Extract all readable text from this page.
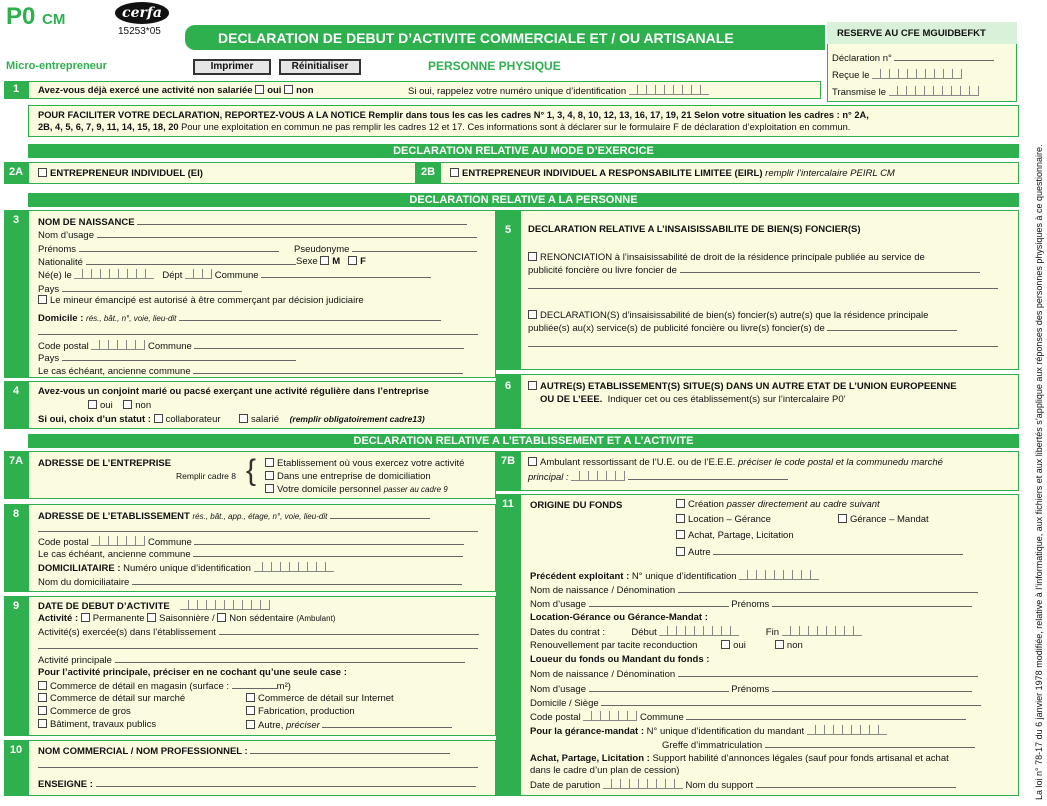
P0 CM	cerfa
15253*05
Micro-entrepreneur
DECLARATION DE DEBUT D’ACTIVITE COMMERCIALE ET / OU ARTISANALE
Imprimer	Réinitialiser	PERSONNE PHYSIQUE
RESERVE AU CFE MGUIDBEFKT
Déclaration n°
Reçue le
Transmise le
1	Avez-vous déjà exercé une activité non salariée oui non	Si oui, rappelez votre numéro unique d’identification
POUR FACILITER VOTRE DECLARATION, REPORTEZ-VOUS A LA NOTICE Remplir dans tous les cas les cadres N° 1, 3, 4, 8, 10, 12, 13, 16, 17, 19, 21 Selon votre situation les cadres : n° 2A,
2B, 4, 5, 6, 7, 9, 11, 14, 15, 18, 20 Pour une exploitation en commun ne pas remplir les cadres 12 et 17. Ces informations sont à déclarer sur le formulaire F de déclaration d’exploitation en commun.
DECLARATION RELATIVE AU MODE D’EXERCICE
2A	ENTREPRENEUR INDIVIDUEL (EI)	2B	ENTREPRENEUR INDIVIDUEL A RESPONSABILITE LIMITEE (EIRL) remplir l’intercalaire PEIRL CM
DECLARATION RELATIVE A LA PERSONNE
3	NOM DE NAISSANCE
Nom d’usage
Prénoms	Pseudonyme
Nationalité	Sexe M F
Né(e) le	Dépt	Commune
Pays
Le mineur émancipé est autorisé à être commerçant par décision judiciaire
Domicile : rés., bât., n°, voie, lieu-dit
Code postal	Commune
Pays
Le cas échéant, ancienne commune
4	Avez-vous un conjoint marié ou pacsé exerçant une activité régulière dans l’entreprise
oui non
Si oui, choix d’un statut : collaborateur	salarié (remplir obligatoirement cadre13)
5	DECLARATION RELATIVE A L’INSAISISSABILITE DE BIEN(S) FONCIER(S)
RENONCIATION à l’insaisissabilité de droit de la résidence principale publiée au service de
publicité foncière ou livre foncier de
DECLARATION(S) d’insaisissabilité de bien(s) foncier(s) autre(s) que la résidence principale
publiée(s) au(x) service(s) de publicité foncière ou livre(s) foncier(s) de
6	AUTRE(S) ETABLISSEMENT(S) SITUE(S) DANS UN AUTRE ETAT DE L’UNION EUROPEENNE
OU DE L’EEE. Indiquer cet ou ces établissement(s) sur l’intercalaire P0’
DECLARATION RELATIVE A L’ETABLISSEMENT ET A L’ACTIVITE
7A	ADRESSE DE L’ENTREPRISE
Remplir cadre 8 {	Etablissement où vous exercez votre activité
Dans une entreprise de domiciliation
Votre domicile personnel passer au cadre 9
7B	Ambulant ressortissant de l’U.E. ou de l’E.E.E. préciser le code postal et la communedu marché
principal :
8	ADRESSE DE L’ETABLISSEMENT rés., bât., app., étage, n°, voie, lieu-dit
Code postal	Commune
Le cas échéant, ancienne commune
DOMICILIATAIRE : Numéro unique d’identification
Nom du domiciliataire
9	DATE DE DEBUT D’ACTIVITE
Activité : Permanente Saisonnière / Non sédentaire (Ambulant)
Activité(s) exercée(s) dans l’établissement
Activité principale
Pour l’activité principale, préciser en ne cochant qu’une seule case :
Commerce de détail en magasin (surface :	m²)
Commerce de détail sur marché	Commerce de détail sur Internet
Commerce de gros	Fabrication, production
Bâtiment, travaux publics	Autre, préciser
10	NOM COMMERCIAL / NOM PROFESSIONNEL :
ENSEIGNE :
11	ORIGINE DU FONDS	Création passer directement au cadre suivant
Location – Gérance	Gérance – Mandat
Achat, Partage, Licitation
Autre
Précédent exploitant : N° unique d’identification
Nom de naissance / Dénomination
Nom d’usage	Prénoms
Location-Gérance ou Gérance-Mandat :
Dates du contrat :	Début	Fin
Renouvellement par tacite reconduction	oui	non
Loueur du fonds ou Mandant du fonds :
Nom de naissance / Dénomination
Nom d’usage	Prénoms
Domicile / Siège
Code postal	Commune
Pour la gérance-mandat : N° unique d’identification du mandant
Greffe d’immatriculation
Achat, Partage, Licitation : Support habilité d’annonces légales (sauf pour fonds artisanal et achat
dans le cadre d’un plan de cession)
Date de parution	Nom du support	La loi n° 78-17 du 6 janvier 1978 modifiée, relative à l’informatique, aux fichiers et aux libertés s’applique aux réponses des personnes physiques à ce questionnaire.
